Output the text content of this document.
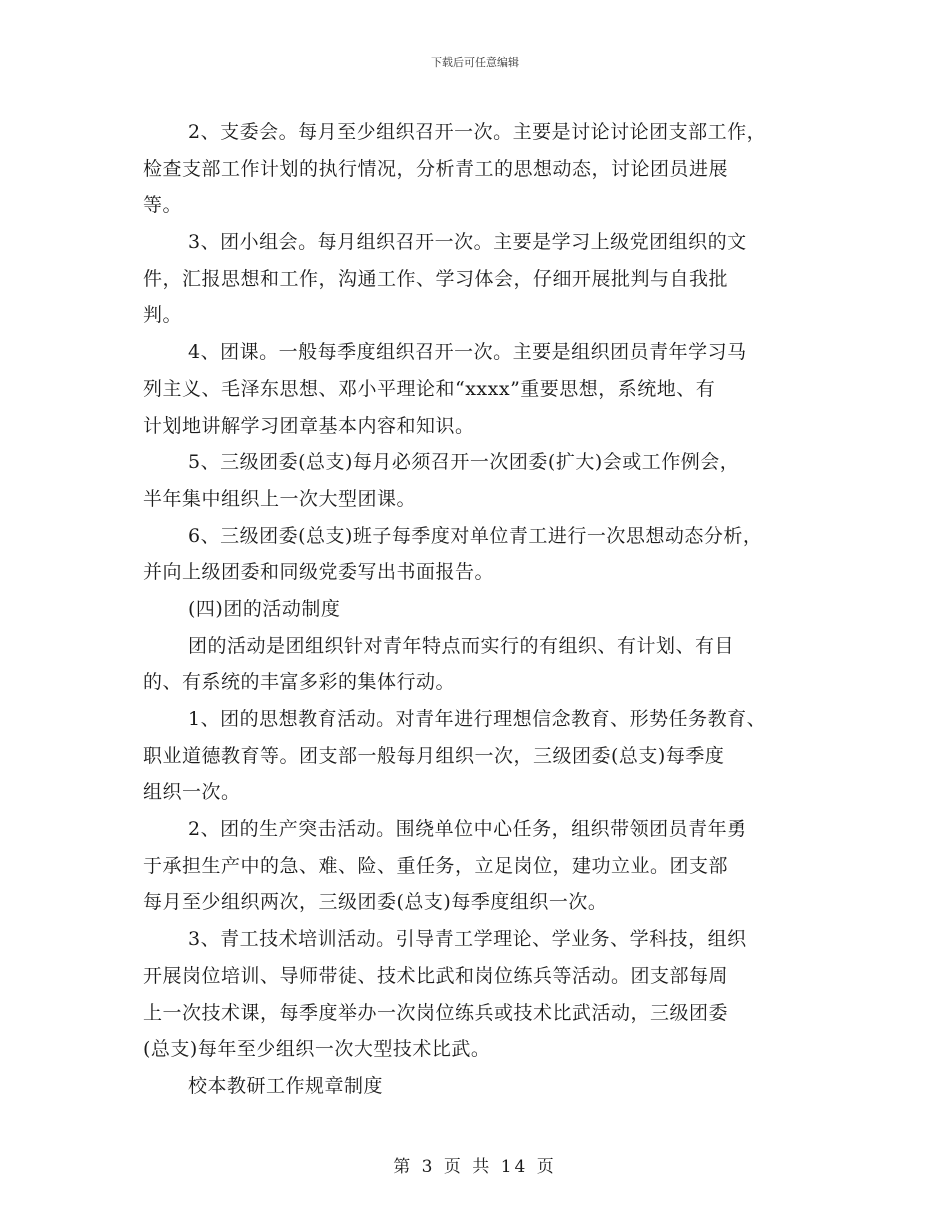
下载后可任意编辑
2、支委会。每月至少组织召开一次。主要是讨论讨论团支部工作，
检查支部工作计划的执行情况，分析青工的思想动态，讨论团员进展
等。
3、团小组会。每月组织召开一次。主要是学习上级党团组织的文
件，汇报思想和工作，沟通工作、学习体会，仔细开展批判与自我批
判。
4、团课。一般每季度组织召开一次。主要是组织团员青年学习马
列主义、毛泽东思想、邓小平理论和“xxxx”重要思想，系统地、有
计划地讲解学习团章基本内容和知识。
5、三级团委(总支)每月必须召开一次团委(扩大)会或工作例会，
半年集中组织上一次大型团课。
6、三级团委(总支)班子每季度对单位青工进行一次思想动态分析，
并向上级团委和同级党委写出书面报告。
(四)团的活动制度
团的活动是团组织针对青年特点而实行的有组织、有计划、有目
的、有系统的丰富多彩的集体行动。
1、团的思想教育活动。对青年进行理想信念教育、形势任务教育、
职业道德教育等。团支部一般每月组织一次，三级团委(总支)每季度
组织一次。
2、团的生产突击活动。围绕单位中心任务，组织带领团员青年勇
于承担生产中的急、难、险、重任务，立足岗位，建功立业。团支部
每月至少组织两次，三级团委(总支)每季度组织一次。
3、青工技术培训活动。引导青工学理论、学业务、学科技，组织
开展岗位培训、导师带徒、技术比武和岗位练兵等活动。团支部每周
上一次技术课，每季度举办一次岗位练兵或技术比武活动，三级团委
(总支)每年至少组织一次大型技术比武。
校本教研工作规章制度
第 3 页 共 14 页
